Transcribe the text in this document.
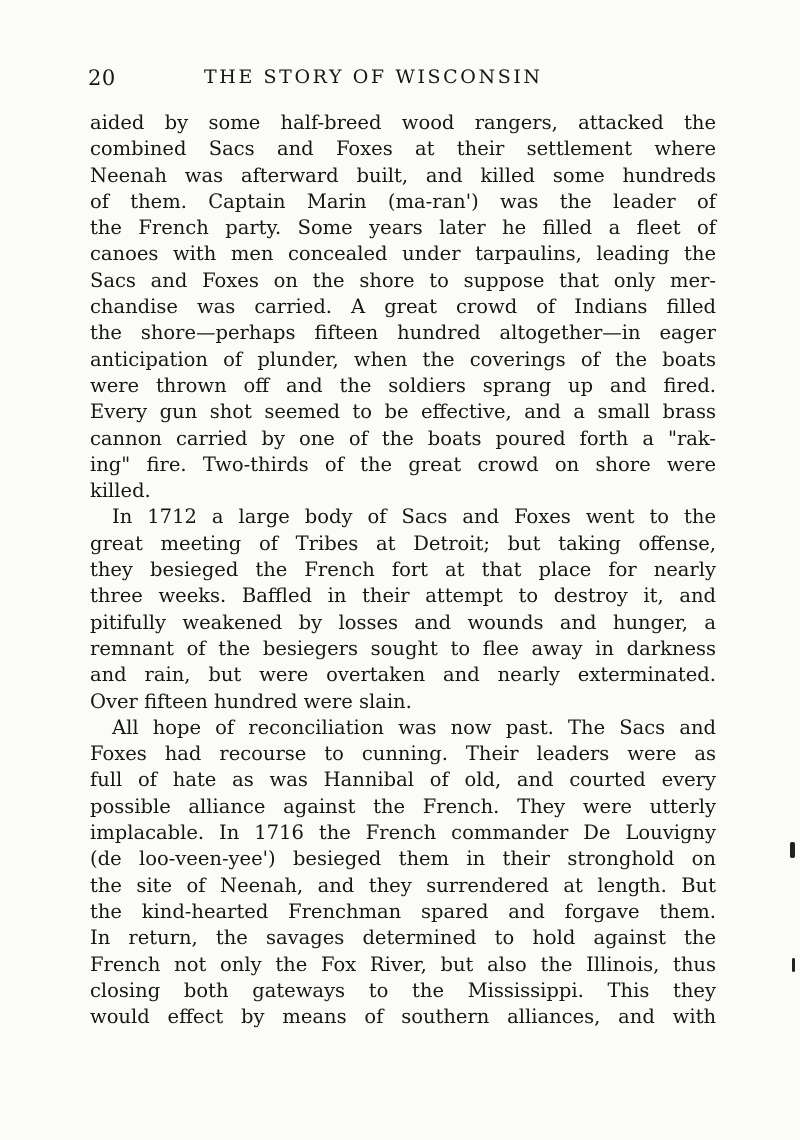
20	THE STORY OF WISCONSIN

aided by some half-breed wood rangers, attacked the
combined Sacs and Foxes at their settlement where
Neenah was afterward built, and killed some hundreds
of them. Captain Marin (ma-ran') was the leader of
the French party. Some years later he filled a fleet of
canoes with men concealed under tarpaulins, leading the
Sacs and Foxes on the shore to suppose that only mer-
chandise was carried. A great crowd of Indians filled
the shore—perhaps fifteen hundred altogether—in eager
anticipation of plunder, when the coverings of the boats
were thrown off and the soldiers sprang up and fired.
Every gun shot seemed to be effective, and a small brass
cannon carried by one of the boats poured forth a "rak-
ing" fire. Two-thirds of the great crowd on shore were
killed.

In 1712 a large body of Sacs and Foxes went to the
great meeting of Tribes at Detroit; but taking offense,
they besieged the French fort at that place for nearly
three weeks. Baffled in their attempt to destroy it, and
pitifully weakened by losses and wounds and hunger, a
remnant of the besiegers sought to flee away in darkness
and rain, but were overtaken and nearly exterminated.
Over fifteen hundred were slain.

All hope of reconciliation was now past. The Sacs and
Foxes had recourse to cunning. Their leaders were as
full of hate as was Hannibal of old, and courted every
possible alliance against the French. They were utterly
implacable. In 1716 the French commander De Louvigny
(de loo-veen-yee') besieged them in their stronghold on
the site of Neenah, and they surrendered at length. But
the kind-hearted Frenchman spared and forgave them.
In return, the savages determined to hold against the
French not only the Fox River, but also the Illinois, thus
closing both gateways to the Mississippi. This they
would effect by means of southern alliances, and with
